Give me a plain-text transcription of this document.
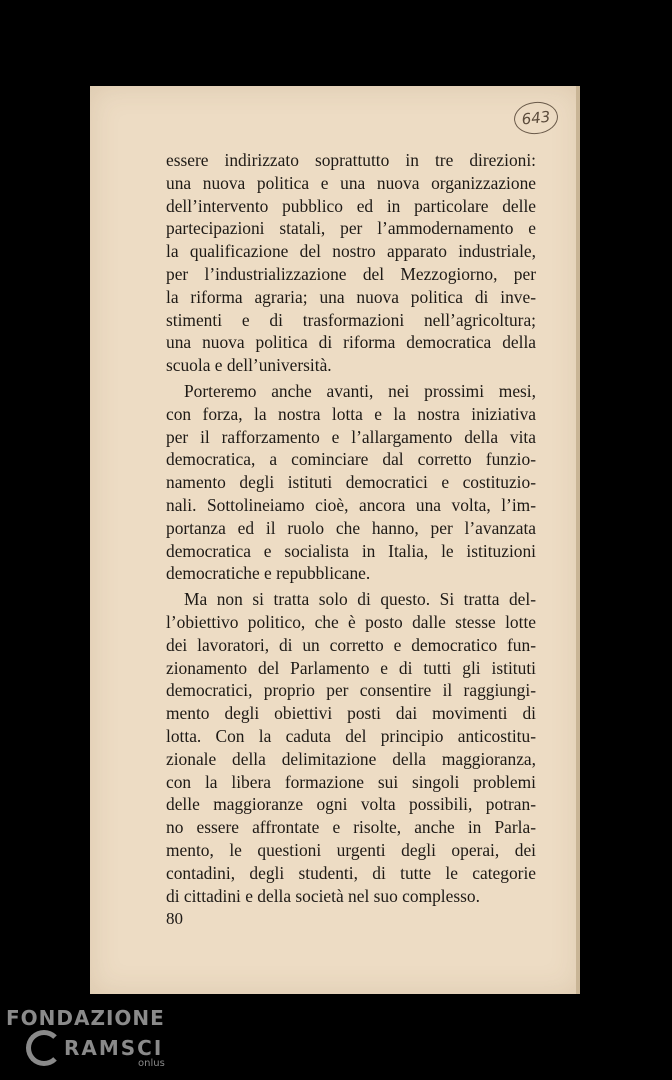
643
essere indirizzato soprattutto in tre direzioni:
una nuova politica e una nuova organizzazione
dell’intervento pubblico ed in particolare delle
partecipazioni statali, per l’ammodernamento e
la qualificazione del nostro apparato industriale,
per l’industrializzazione del Mezzogiorno, per
la riforma agraria; una nuova politica di inve-
stimenti e di trasformazioni nell’agricoltura;
una nuova politica di riforma democratica della
scuola e dell’università.
Porteremo anche avanti, nei prossimi mesi,
con forza, la nostra lotta e la nostra iniziativa
per il rafforzamento e l’allargamento della vita
democratica, a cominciare dal corretto funzio-
namento degli istituti democratici e costituzio-
nali. Sottolineiamo cioè, ancora una volta, l’im-
portanza ed il ruolo che hanno, per l’avanzata
democratica e socialista in Italia, le istituzioni
democratiche e repubblicane.
Ma non si tratta solo di questo. Si tratta del-
l’obiettivo politico, che è posto dalle stesse lotte
dei lavoratori, di un corretto e democratico fun-
zionamento del Parlamento e di tutti gli istituti
democratici, proprio per consentire il raggiungi-
mento degli obiettivi posti dai movimenti di
lotta. Con la caduta del principio anticostitu-
zionale della delimitazione della maggioranza,
con la libera formazione sui singoli problemi
delle maggioranze ogni volta possibili, potran-
no essere affrontate e risolte, anche in Parla-
mento, le questioni urgenti degli operai, dei
contadini, degli studenti, di tutte le categorie
di cittadini e della società nel suo complesso.
80
FONDAZIONE
RAMSCI
onlus
